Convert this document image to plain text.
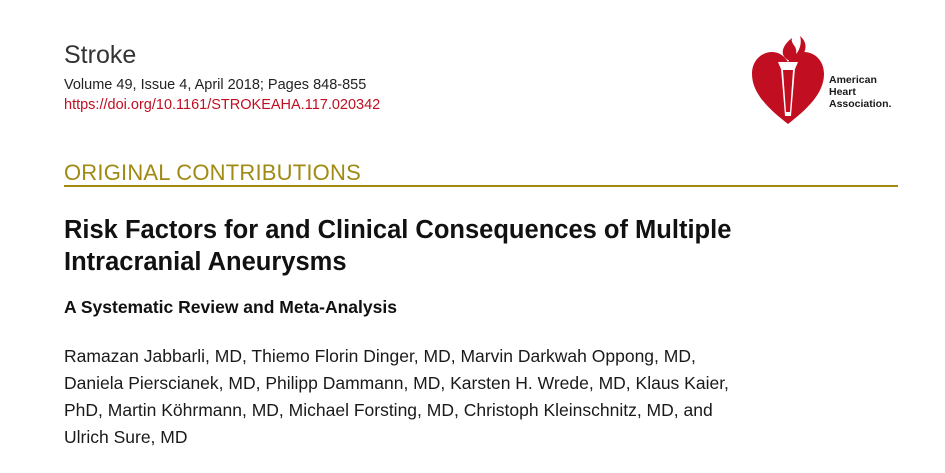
Stroke
Volume 49, Issue 4, April 2018; Pages 848-855
https://doi.org/10.1161/STROKEAHA.117.020342
American
Heart
Association.
ORIGINAL CONTRIBUTIONS
Risk Factors for and Clinical Consequences of Multiple
Intracranial Aneurysms
A Systematic Review and Meta-Analysis
Ramazan Jabbarli, MD, Thiemo Florin Dinger, MD, Marvin Darkwah Oppong, MD,
Daniela Pierscianek, MD, Philipp Dammann, MD, Karsten H. Wrede, MD, Klaus Kaier,
PhD, Martin Köhrmann, MD, Michael Forsting, MD, Christoph Kleinschnitz, MD, and
Ulrich Sure, MD
